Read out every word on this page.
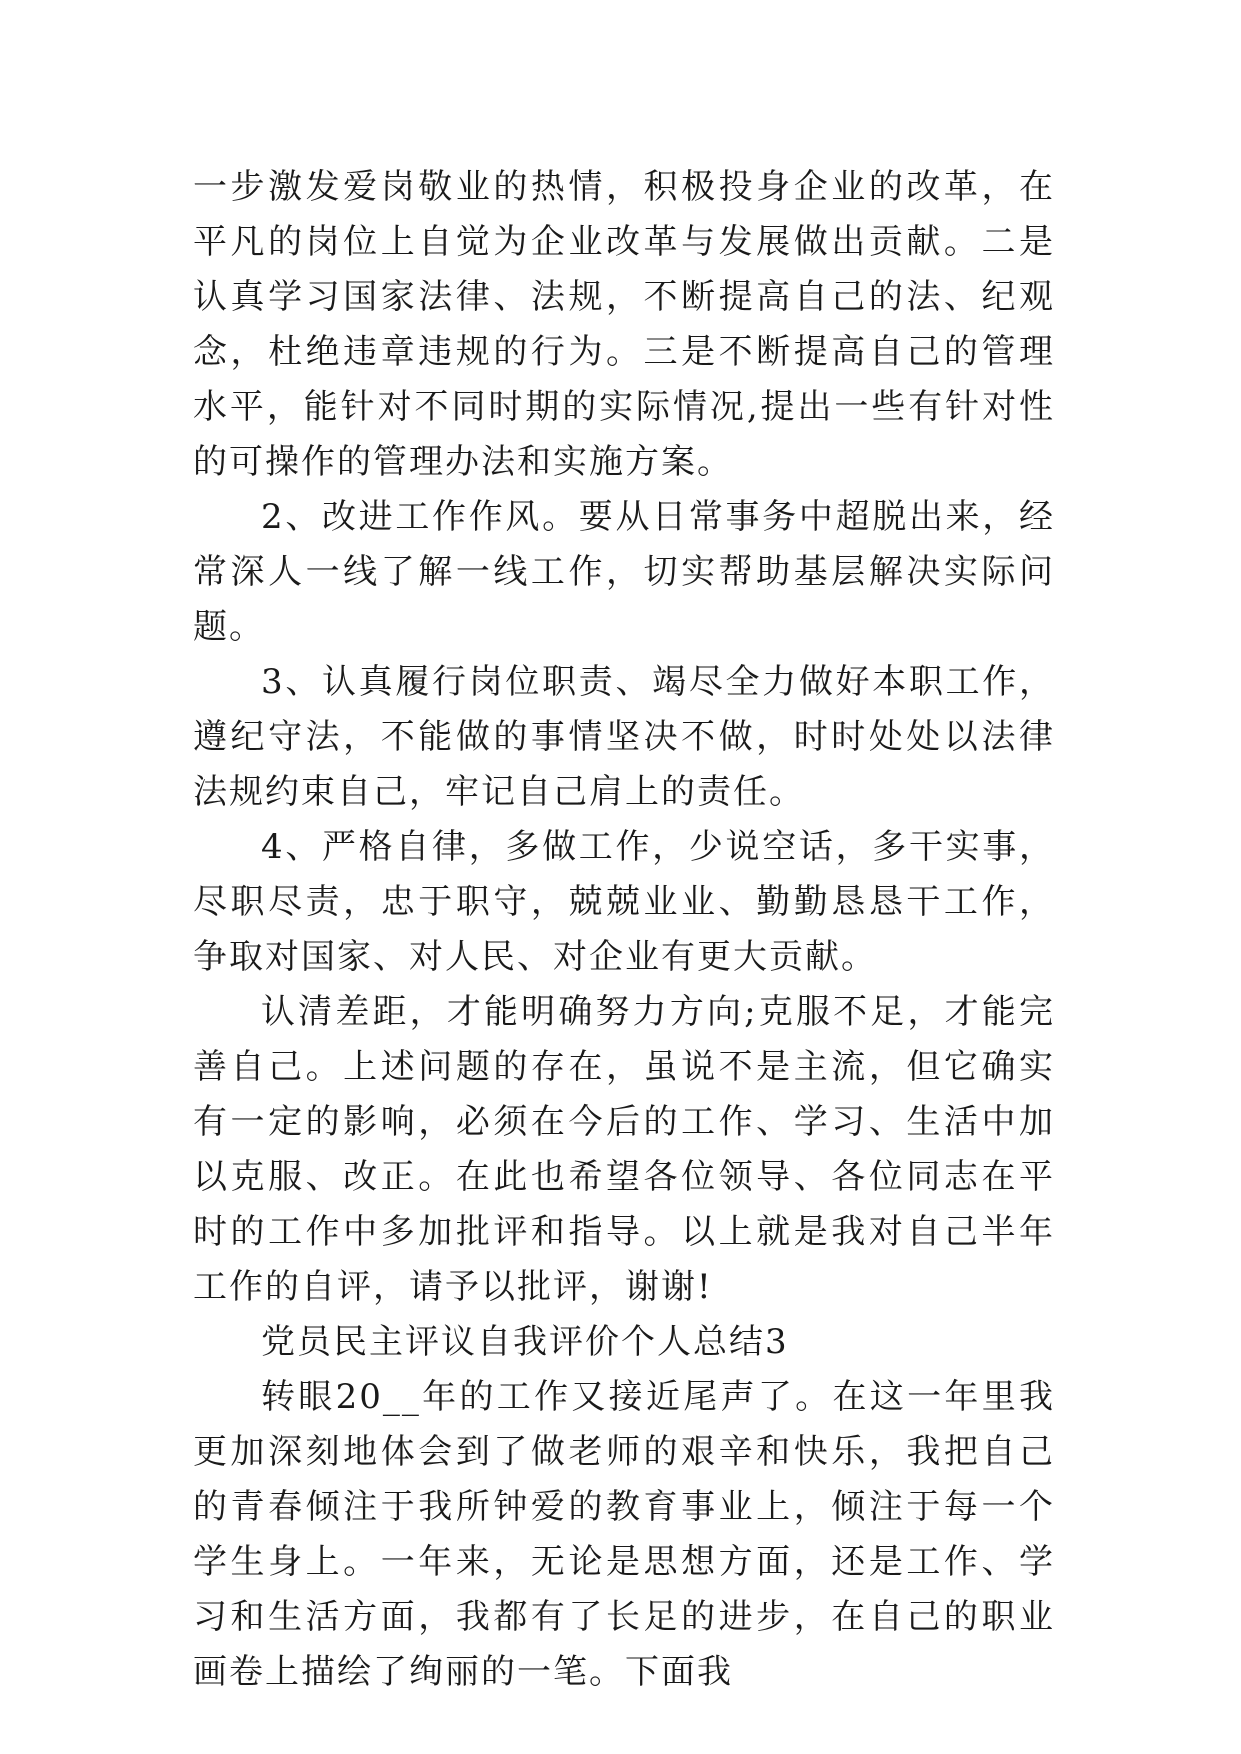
一步激发爱岗敬业的热情，积极投身企业的改革，在平凡的岗位上自觉为企业改革与发展做出贡献。二是认真学习国家法律、法规，不断提高自己的法、纪观念，杜绝违章违规的行为。三是不断提高自己的管理水平，能针对不同时期的实际情况,提出一些有针对性的可操作的管理办法和实施方案。

2、改进工作作风。要从日常事务中超脱出来，经常深人一线了解一线工作，切实帮助基层解决实际问题。

3、认真履行岗位职责、竭尽全力做好本职工作，遵纪守法，不能做的事情坚决不做，时时处处以法律法规约束自己，牢记自己肩上的责任。

4、严格自律，多做工作，少说空话，多干实事，尽职尽责，忠于职守，兢兢业业、勤勤恳恳干工作，争取对国家、对人民、对企业有更大贡献。

认清差距，才能明确努力方向;克服不足，才能完善自己。上述问题的存在，虽说不是主流，但它确实有一定的影响，必须在今后的工作、学习、生活中加以克服、改正。在此也希望各位领导、各位同志在平时的工作中多加批评和指导。以上就是我对自己半年工作的自评，请予以批评，谢谢!

党员民主评议自我评价个人总结3

转眼20__年的工作又接近尾声了。在这一年里我更加深刻地体会到了做老师的艰辛和快乐，我把自己的青春倾注于我所钟爱的教育事业上，倾注于每一个学生身上。一年来，无论是思想方面，还是工作、学习和生活方面，我都有了长足的进步，在自己的职业画卷上描绘了绚丽的一笔。下面我
